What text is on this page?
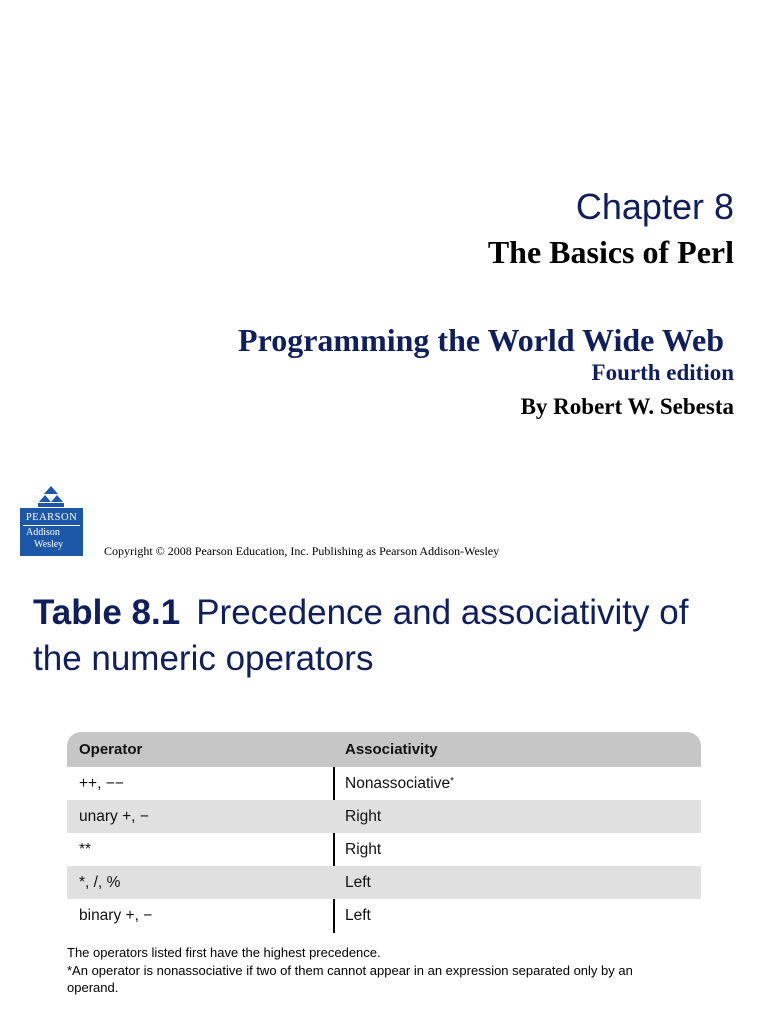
Chapter 8
The Basics of Perl
Programming the World Wide Web
Fourth edition
By Robert W. Sebesta
PEARSON
Addison
Wesley	Copyright © 2008 Pearson Education, Inc. Publishing as Pearson Addison-Wesley
Table 8.1 Precedence and associativity of the numeric operators
Operator	Associativity
++, −−	Nonassociative*
unary +, −	Right
**	Right
*, /, %	Left
binary +, −	Left

The operators listed first have the highest precedence.

*An operator is nonassociative if two of them cannot appear in an expression separated only by an operand.
